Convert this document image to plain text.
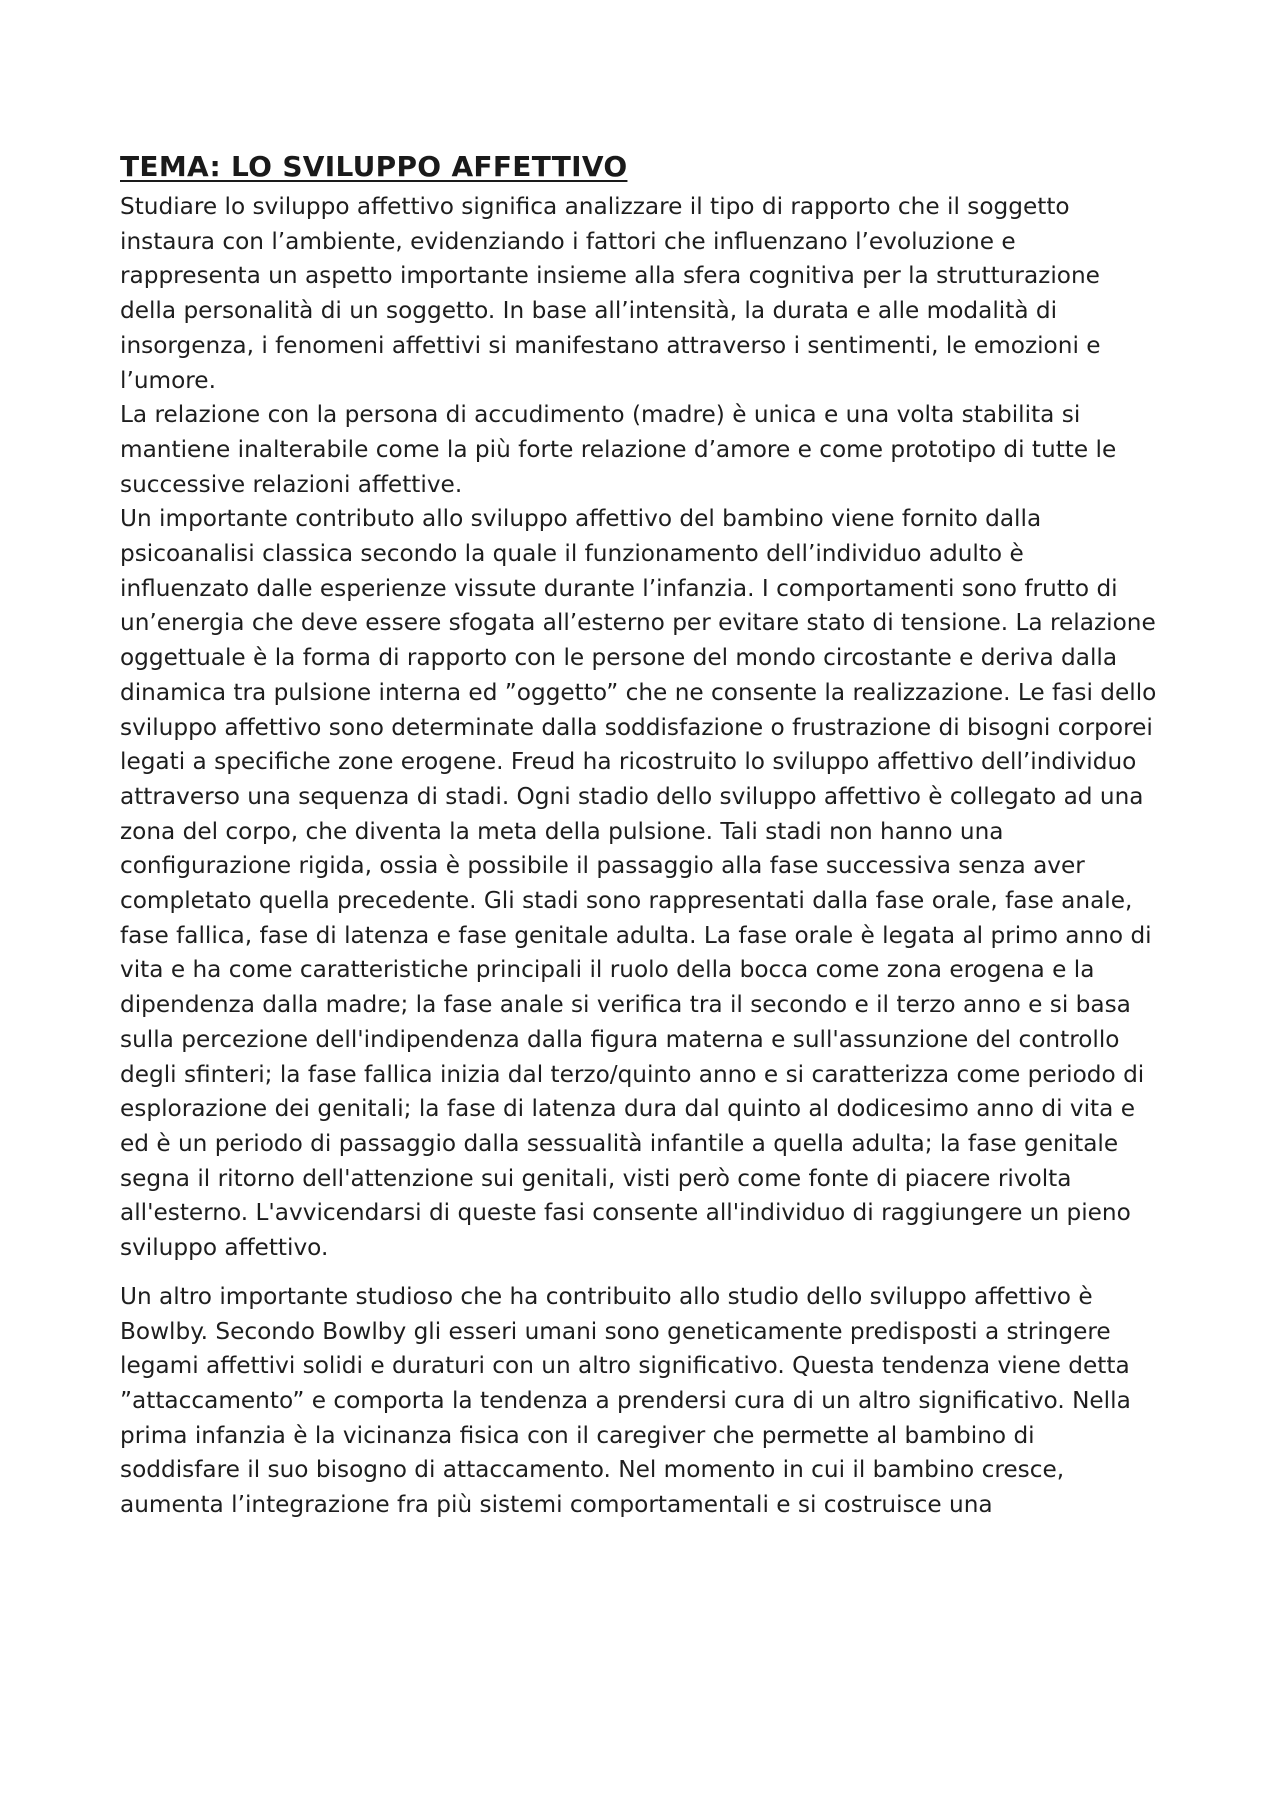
TEMA: LO SVILUPPO AFFETTIVO

Studiare lo sviluppo affettivo significa analizzare il tipo di rapporto che il soggetto instaura con l’ambiente, evidenziando i fattori che influenzano l’evoluzione e rappresenta un aspetto importante insieme alla sfera cognitiva per la strutturazione della personalità di un soggetto. In base all’intensità, la durata e alle modalità di insorgenza, i fenomeni affettivi si manifestano attraverso i sentimenti, le emozioni e l’umore.

La relazione con la persona di accudimento (madre) è unica e una volta stabilita si mantiene inalterabile come la più forte relazione d’amore e come prototipo di tutte le successive relazioni affettive.

Un importante contributo allo sviluppo affettivo del bambino viene fornito dalla psicoanalisi classica secondo la quale il funzionamento dell’individuo adulto è influenzato dalle esperienze vissute durante l’infanzia. I comportamenti sono frutto di un’energia che deve essere sfogata all’esterno per evitare stato di tensione. La relazione oggettuale è la forma di rapporto con le persone del mondo circostante e deriva dalla dinamica tra pulsione interna ed ”oggetto” che ne consente la realizzazione. Le fasi dello sviluppo affettivo sono determinate dalla soddisfazione o frustrazione di bisogni corporei legati a specifiche zone erogene. Freud ha ricostruito lo sviluppo affettivo dell’individuo attraverso una sequenza di stadi. Ogni stadio dello sviluppo affettivo è collegato ad una zona del corpo, che diventa la meta della pulsione. Tali stadi non hanno una configurazione rigida, ossia è possibile il passaggio alla fase successiva senza aver completato quella precedente. Gli stadi sono rappresentati dalla fase orale, fase anale, fase fallica, fase di latenza e fase genitale adulta. La fase orale è legata al primo anno di vita e ha come caratteristiche principali il ruolo della bocca come zona erogena e la dipendenza dalla madre; la fase anale si verifica tra il secondo e il terzo anno e si basa sulla percezione dell'indipendenza dalla figura materna e sull'assunzione del controllo degli sfinteri; la fase fallica inizia dal terzo/quinto anno e si caratterizza come periodo di esplorazione dei genitali; la fase di latenza dura dal quinto al dodicesimo anno di vita e ed è un periodo di passaggio dalla sessualità infantile a quella adulta; la fase genitale segna il ritorno dell'attenzione sui genitali, visti però come fonte di piacere rivolta all'esterno. L'avvicendarsi di queste fasi consente all'individuo di raggiungere un pieno sviluppo affettivo.

Un altro importante studioso che ha contribuito allo studio dello sviluppo affettivo è Bowlby. Secondo Bowlby gli esseri umani sono geneticamente predisposti a stringere legami affettivi solidi e duraturi con un altro significativo. Questa tendenza viene detta ”attaccamento” e comporta la tendenza a prendersi cura di un altro significativo. Nella prima infanzia è la vicinanza fisica con il caregiver che permette al bambino di soddisfare il suo bisogno di attaccamento. Nel momento in cui il bambino cresce, aumenta l’integrazione fra più sistemi comportamentali e si costruisce una
